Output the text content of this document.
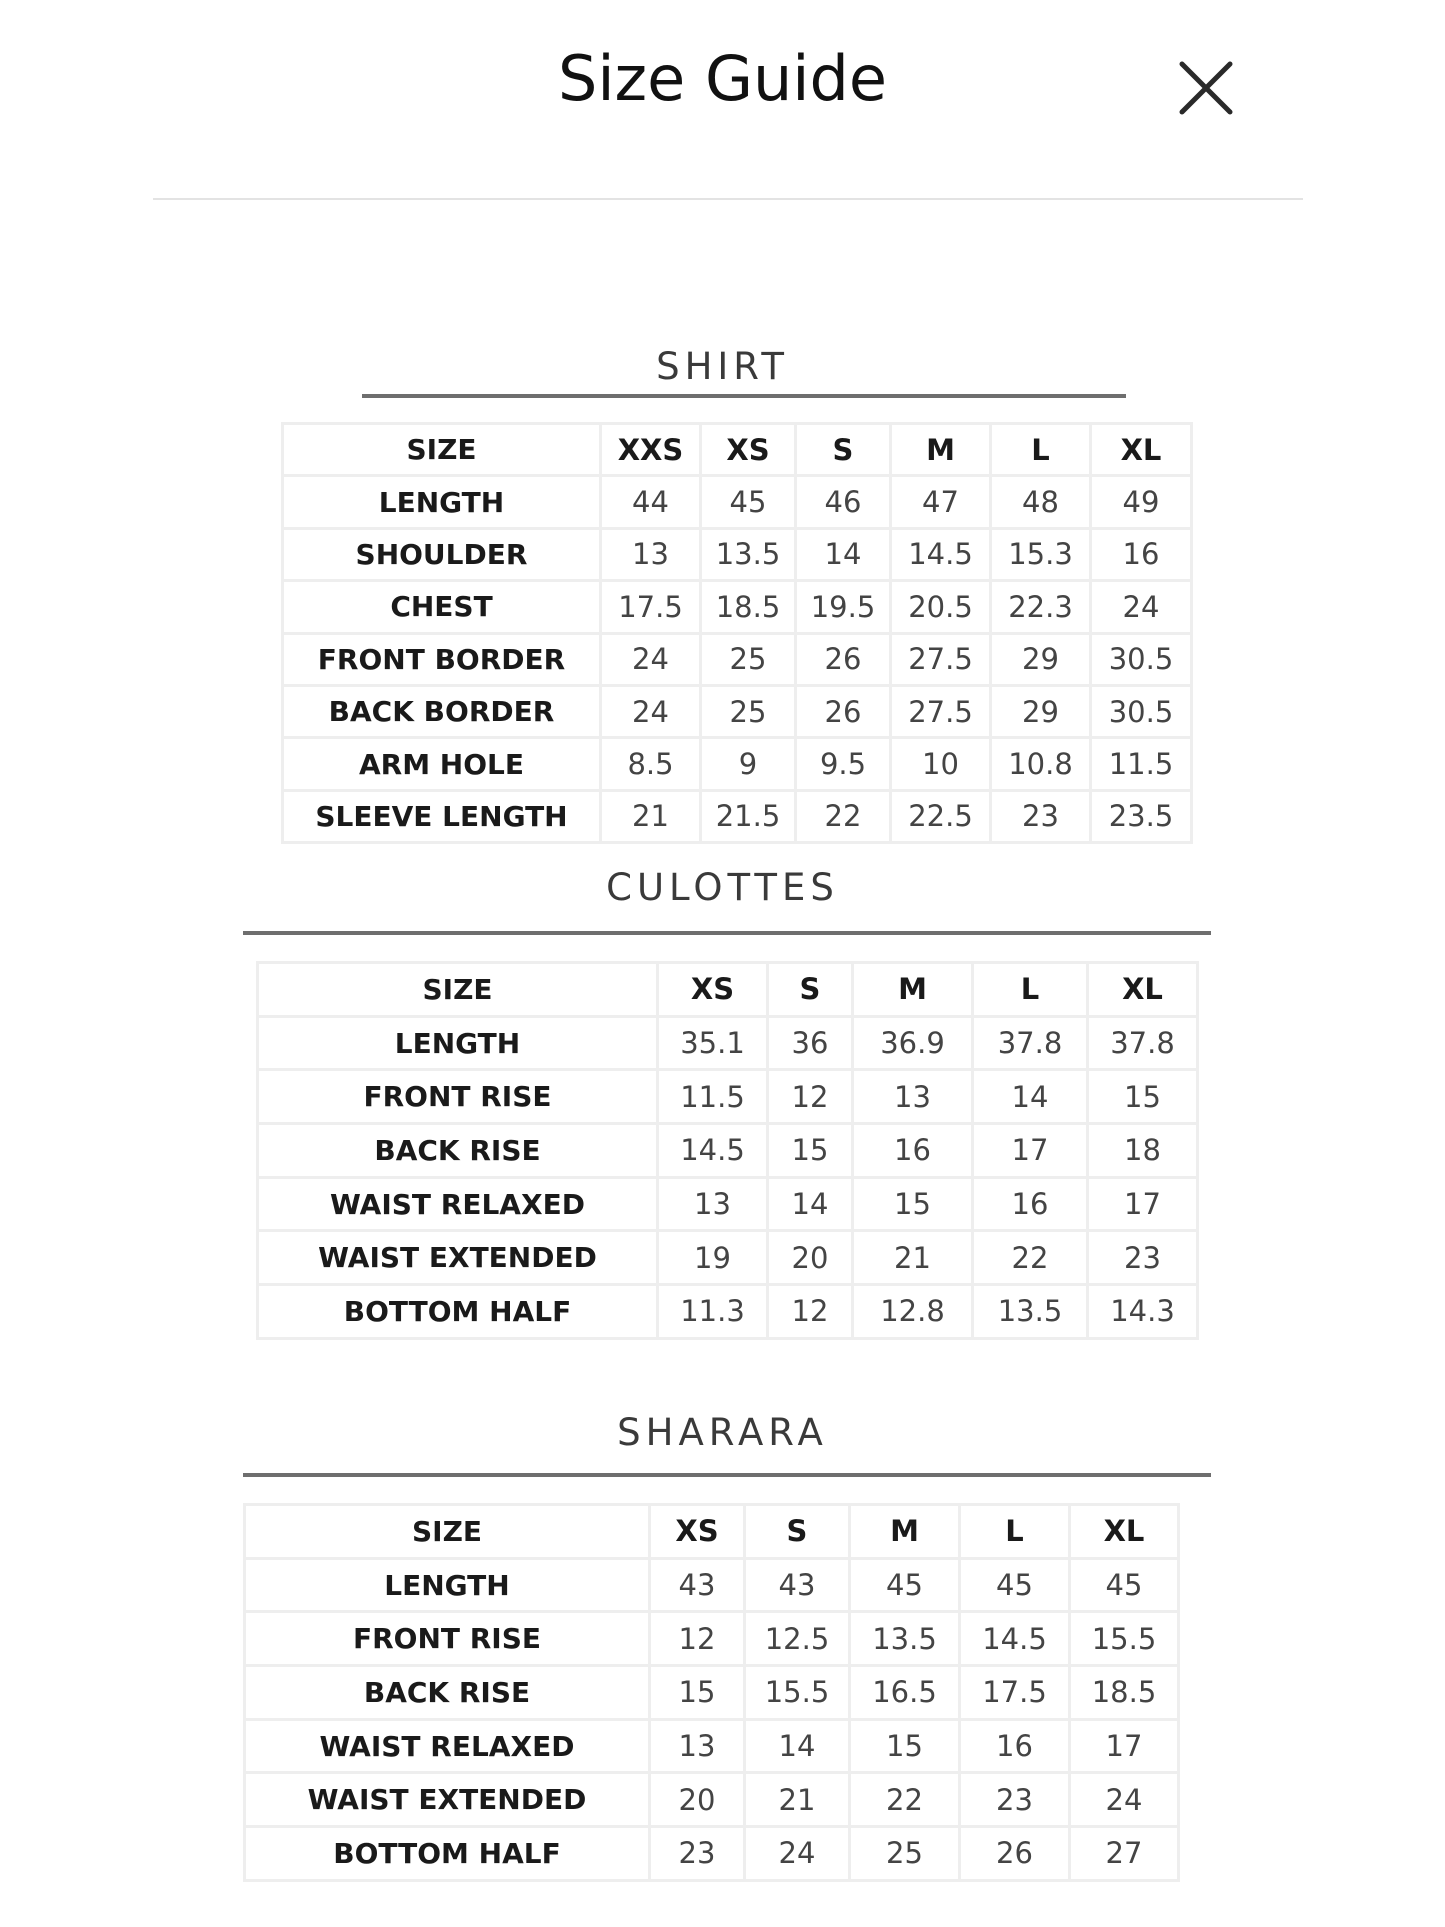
Size Guide
SHIRT
SIZE	XXS	XS	S	M	L	XL
LENGTH	44	45	46	47	48	49
SHOULDER	13	13.5	14	14.5	15.3	16
CHEST	17.5	18.5	19.5	20.5	22.3	24
FRONT BORDER	24	25	26	27.5	29	30.5
BACK BORDER	24	25	26	27.5	29	30.5
ARM HOLE	8.5	9	9.5	10	10.8	11.5
SLEEVE LENGTH	21	21.5	22	22.5	23	23.5
CULOTTES
SIZE	XS	S	M	L	XL
LENGTH	35.1	36	36.9	37.8	37.8
FRONT RISE	11.5	12	13	14	15
BACK RISE	14.5	15	16	17	18
WAIST RELAXED	13	14	15	16	17
WAIST EXTENDED	19	20	21	22	23
BOTTOM HALF	11.3	12	12.8	13.5	14.3
SHARARA
SIZE	XS	S	M	L	XL
LENGTH	43	43	45	45	45
FRONT RISE	12	12.5	13.5	14.5	15.5
BACK RISE	15	15.5	16.5	17.5	18.5
WAIST RELAXED	13	14	15	16	17
WAIST EXTENDED	20	21	22	23	24
BOTTOM HALF	23	24	25	26	27
